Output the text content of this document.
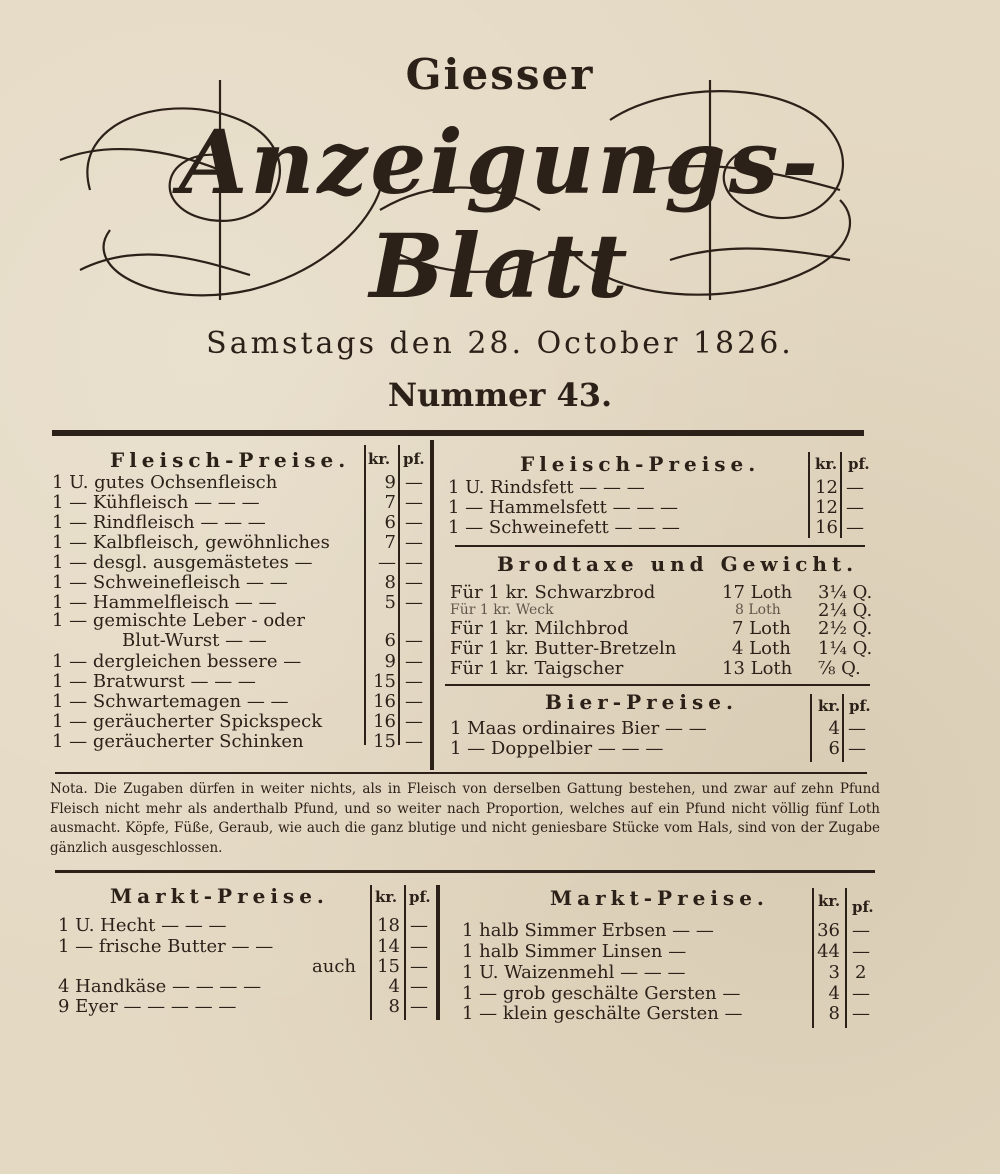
Giesser
Anzeigungs-Blatt
Samstags den 28. October 1826.
Nummer 43.
Fleisch-Preise. kr. pf.
1 U. gutes Ochsenfleisch	9 —
1 — Kühfleisch — — —	7 —
1 — Rindfleisch — — —	6 —
1 — Kalbfleisch, gewöhnliches	7 —
1 — desgl. ausgemästetes —	— —
1 — Schweinefleisch — —	8 —
1 — Hammelfleisch — —	5 —
1 — gemischte Leber - oder
Blut-Wurst — —	6 —
1 — dergleichen bessere —	9 —
1 — Bratwurst — — —	15 —
1 — Schwartemagen — —	16 —
1 — geräucherter Spickspeck	16 —
1 — geräucherter Schinken	15 —
Fleisch-Preise.	kr. pf.
1 U. Rindsfett — — —	12 —
1 — Hammelsfett — — —	12 —
1 — Schweinefett — — —	16 —
Brodtaxe und Gewicht.
Für 1 kr. Schwarzbrod	17 Loth 3¼ Q.
Für 1 kr. Weck	8 Loth 2¼ Q.
Für 1 kr. Milchbrod	7 Loth 2½ Q.
Für 1 kr. Butter-Bretzeln	4 Loth 1¼ Q.
Für 1 kr. Taigscher	13 Loth ⅞ Q.
Bier-Preise.	kr. pf.
1 Maas ordinaires Bier — —	4 —
1 — Doppelbier — — —	6 —
Nota. Die Zugaben dürfen in weiter nichts, als in Fleisch von derselben Gattung bestehen, und zwar auf zehn Pfund Fleisch nicht mehr als anderthalb Pfund, und so weiter nach Proportion, welches auf ein Pfund nicht völlig fünf Loth ausmacht. Köpfe, Füße, Geraub, wie auch die ganz blutige und nicht geniesbare Stücke vom Hals, sind von der Zugabe gänzlich ausgeschlossen.
Markt-Preise.	kr. pf.
1 U. Hecht — — —	18 —
1 — frische Butter — —	14 —
auch 15 —
4 Handkäse — — — —	4 —
9 Eyer — — — — —	8 —
Markt-Preise.	kr. pf.
1 halb Simmer Erbsen — —	36 —
1 halb Simmer Linsen —	44 —
1 U. Waizenmehl — — —	3 2
1 — grob geschälte Gersten —	4 —
1 — klein geschälte Gersten —	8 —
